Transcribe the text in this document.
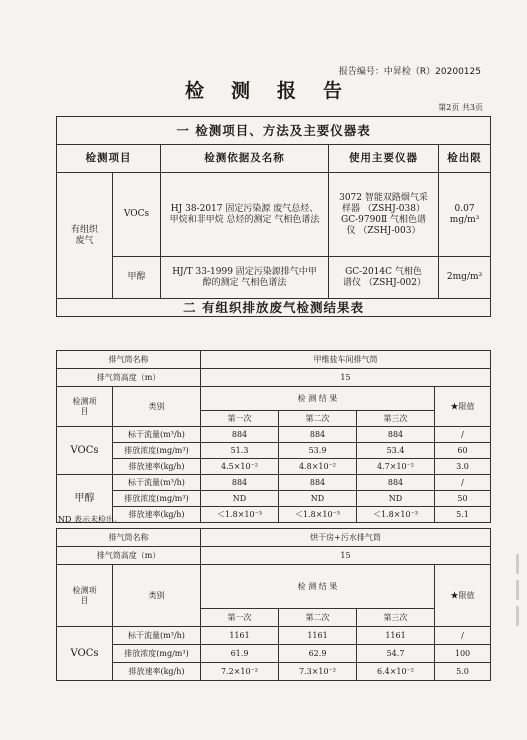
报告编号：中昇检（R）20200125
检测报告
第2页 共3页
一 检测项目、方法及主要仪器表				
检测项目		检测依据及名称	使用主要仪器	检出限
有组织废气	VOCs	HJ 38-2017 固定污染源 废气总烃、甲烷和非甲烷 总烃的测定 气相色谱法	3072 智能双路烟气采样器 （ZSHJ-038） GC-9790Ⅱ 气相色谱仪 （ZSHJ-003）	0.07 mg/m³
	甲醇	HJ/T 33-1999 固定污染源排气中甲醇的测定 气相色谱法	GC-2014C 气相色谱仪 （ZSHJ-002）	2mg/m³
二 有组织排放废气检测结果表				
排气筒名称		甲维盐车间排气筒			
排气筒高度（m）		15			
检测项目	类别	检 测 结 果			★限值
		第一次	第二次	第三次	
VOCs	标干流量(m³/h)	884	884	884	/
	排放浓度(mg/m³)	51.3	53.9	53.4	60
	排放速率(kg/h)	4.5×10⁻²	4.8×10⁻²	4.7×10⁻²	3.0
甲醇	标干流量(m³/h)	884	884	884	/
	排放浓度(mg/m³)	ND	ND	ND	50
	排放速率(kg/h)	＜1.8×10⁻³	＜1.8×10⁻³	＜1.8×10⁻³	5.1
ND 表示未检出。
排气筒名称		烘干房+污水排气筒			
排气筒高度（m）		15			
检测项目	类别	检 测 结 果			★限值
		第一次	第二次	第三次	
VOCs	标干流量(m³/h)	1161	1161	1161	/
	排放浓度(mg/m³)	61.9	62.9	54.7	100
	排放速率(kg/h)	7.2×10⁻²	7.3×10⁻²	6.4×10⁻²	5.0
